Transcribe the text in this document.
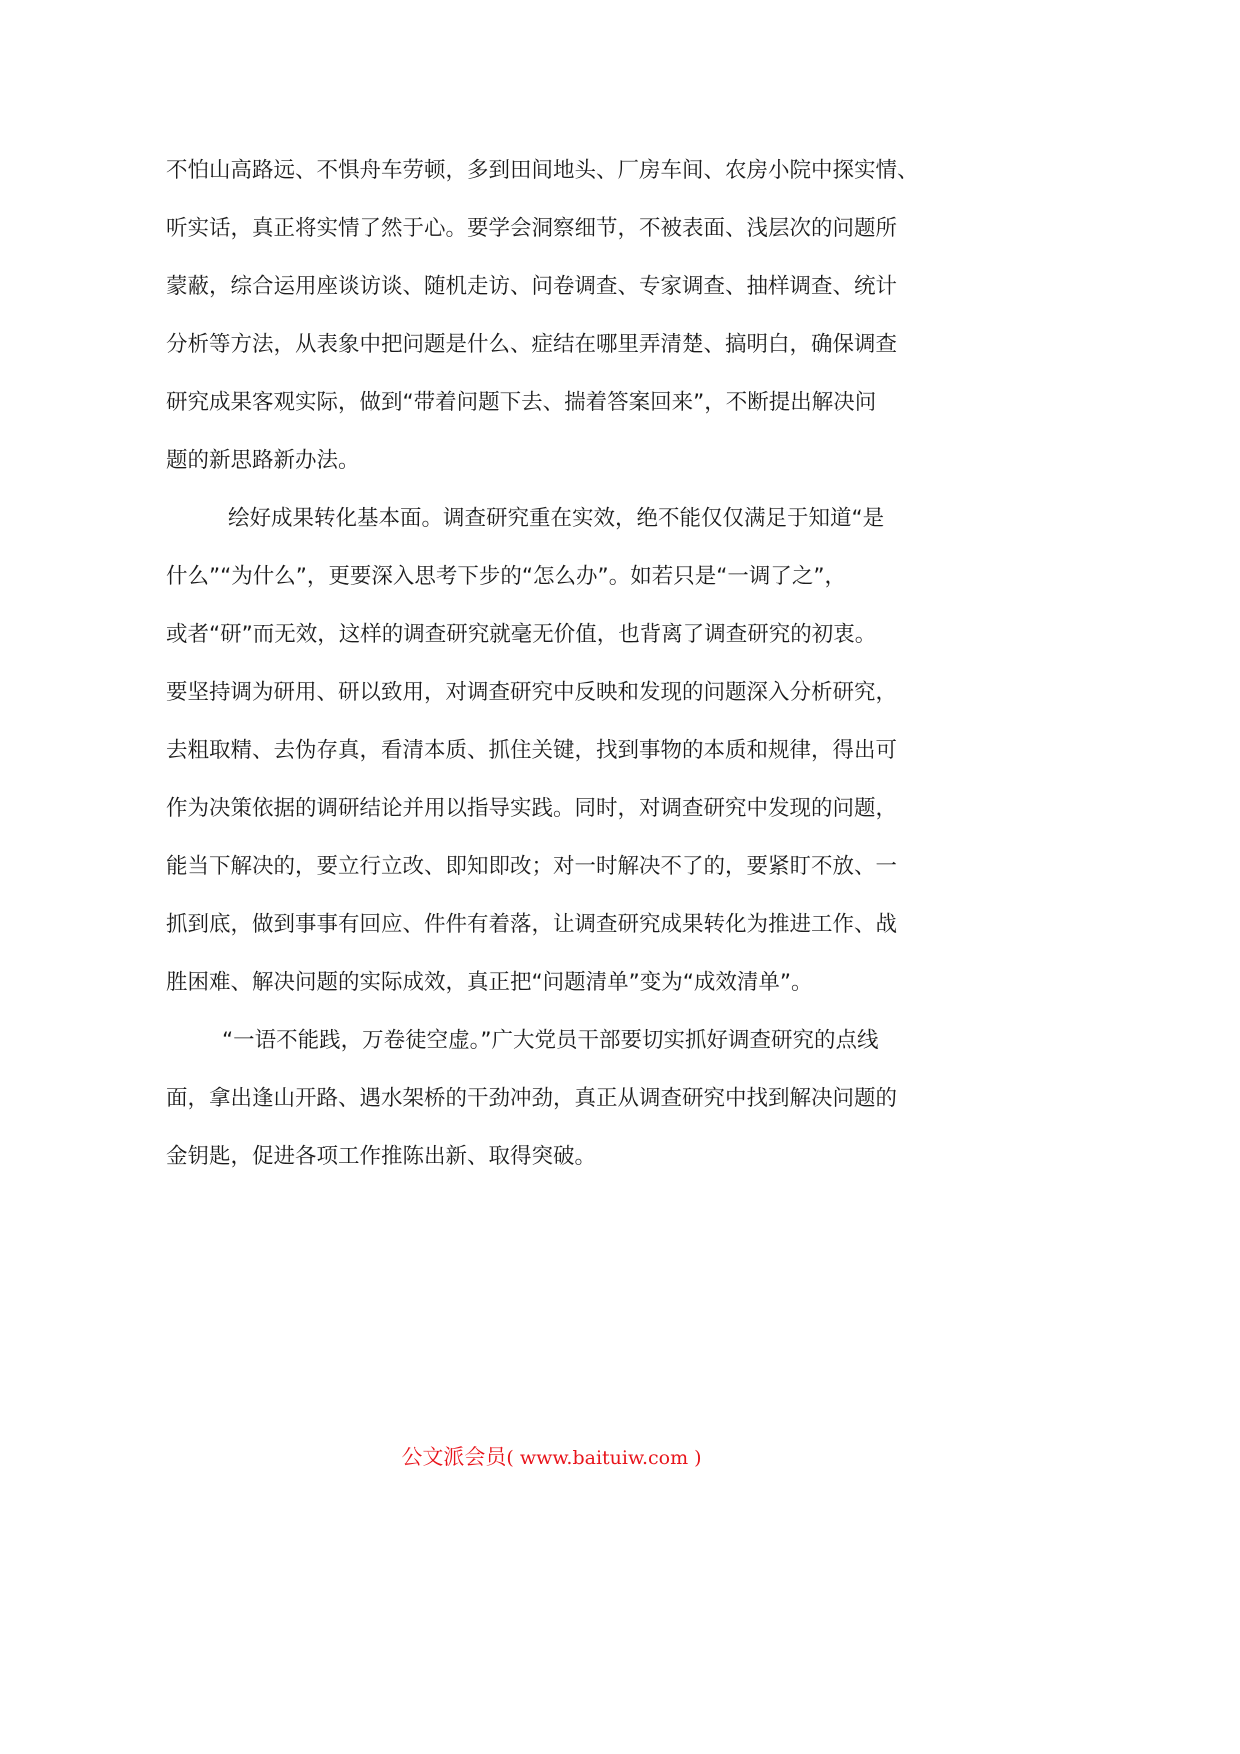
不怕山高路远、不惧舟车劳顿，多到田间地头、厂房车间、农房小院中探实情、
听实话，真正将实情了然于心。要学会洞察细节，不被表面、浅层次的问题所
蒙蔽，综合运用座谈访谈、随机走访、问卷调查、专家调查、抽样调查、统计
分析等方法，从表象中把问题是什么、症结在哪里弄清楚、搞明白，确保调查
研究成果客观实际，做到“带着问题下去、揣着答案回来”，不断提出解决问
题的新思路新办法。
绘好成果转化基本面。调查研究重在实效，绝不能仅仅满足于知道“是
什么”“为什么”，更要深入思考下步的“怎么办”。如若只是“一调了之”，
或者“研”而无效，这样的调查研究就毫无价值，也背离了调查研究的初衷。
要坚持调为研用、研以致用，对调查研究中反映和发现的问题深入分析研究，
去粗取精、去伪存真，看清本质、抓住关键，找到事物的本质和规律，得出可
作为决策依据的调研结论并用以指导实践。同时，对调查研究中发现的问题，
能当下解决的，要立行立改、即知即改；对一时解决不了的，要紧盯不放、一
抓到底，做到事事有回应、件件有着落，让调查研究成果转化为推进工作、战
胜困难、解决问题的实际成效，真正把“问题清单”变为“成效清单”。
“一语不能践，万卷徒空虚。”广大党员干部要切实抓好调查研究的点线
面，拿出逢山开路、遇水架桥的干劲冲劲，真正从调查研究中找到解决问题的
金钥匙，促进各项工作推陈出新、取得突破。
公文派会员( www.baituiw.com )
